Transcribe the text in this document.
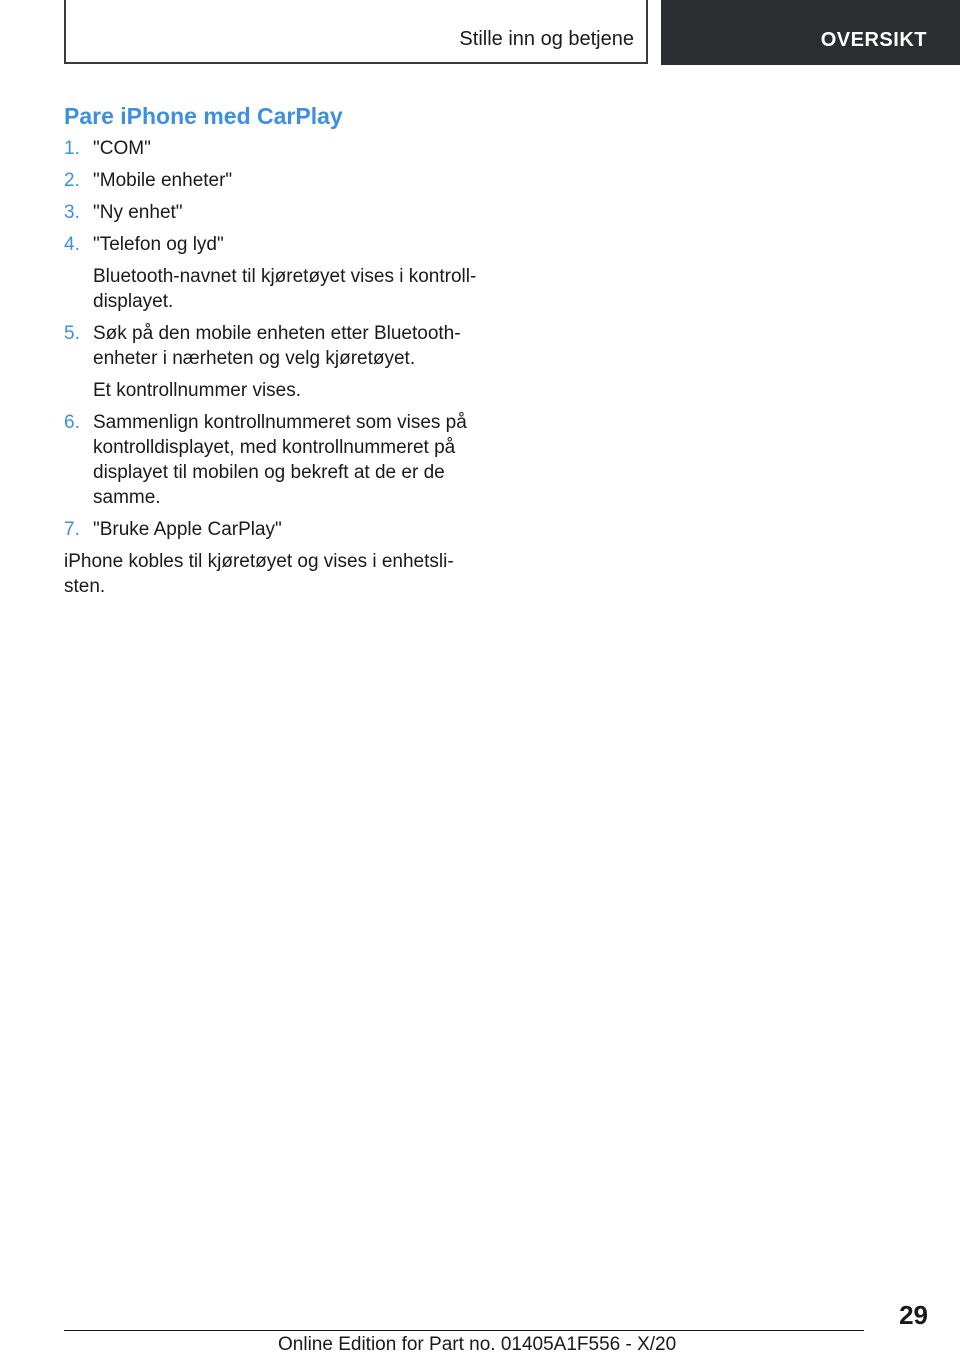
Stille inn og betjene	OVERSIKT
Pare iPhone med CarPlay
1. "COM"
2. "Mobile enheter"
3. "Ny enhet"
4. "Telefon og lyd"
Bluetooth-navnet til kjøretøyet vises i kontrolldisplayet.
5. Søk på den mobile enheten etter Bluetooth-enheter i nærheten og velg kjøretøyet.
Et kontrollnummer vises.
6. Sammenlign kontrollnummeret som vises på kontrolldisplayet, med kontrollnummeret på displayet til mobilen og bekreft at de er de samme.
7. "Bruke Apple CarPlay"

iPhone kobles til kjøretøyet og vises i enhetslisten.

29
Online Edition for Part no. 01405A1F556 - X/20
